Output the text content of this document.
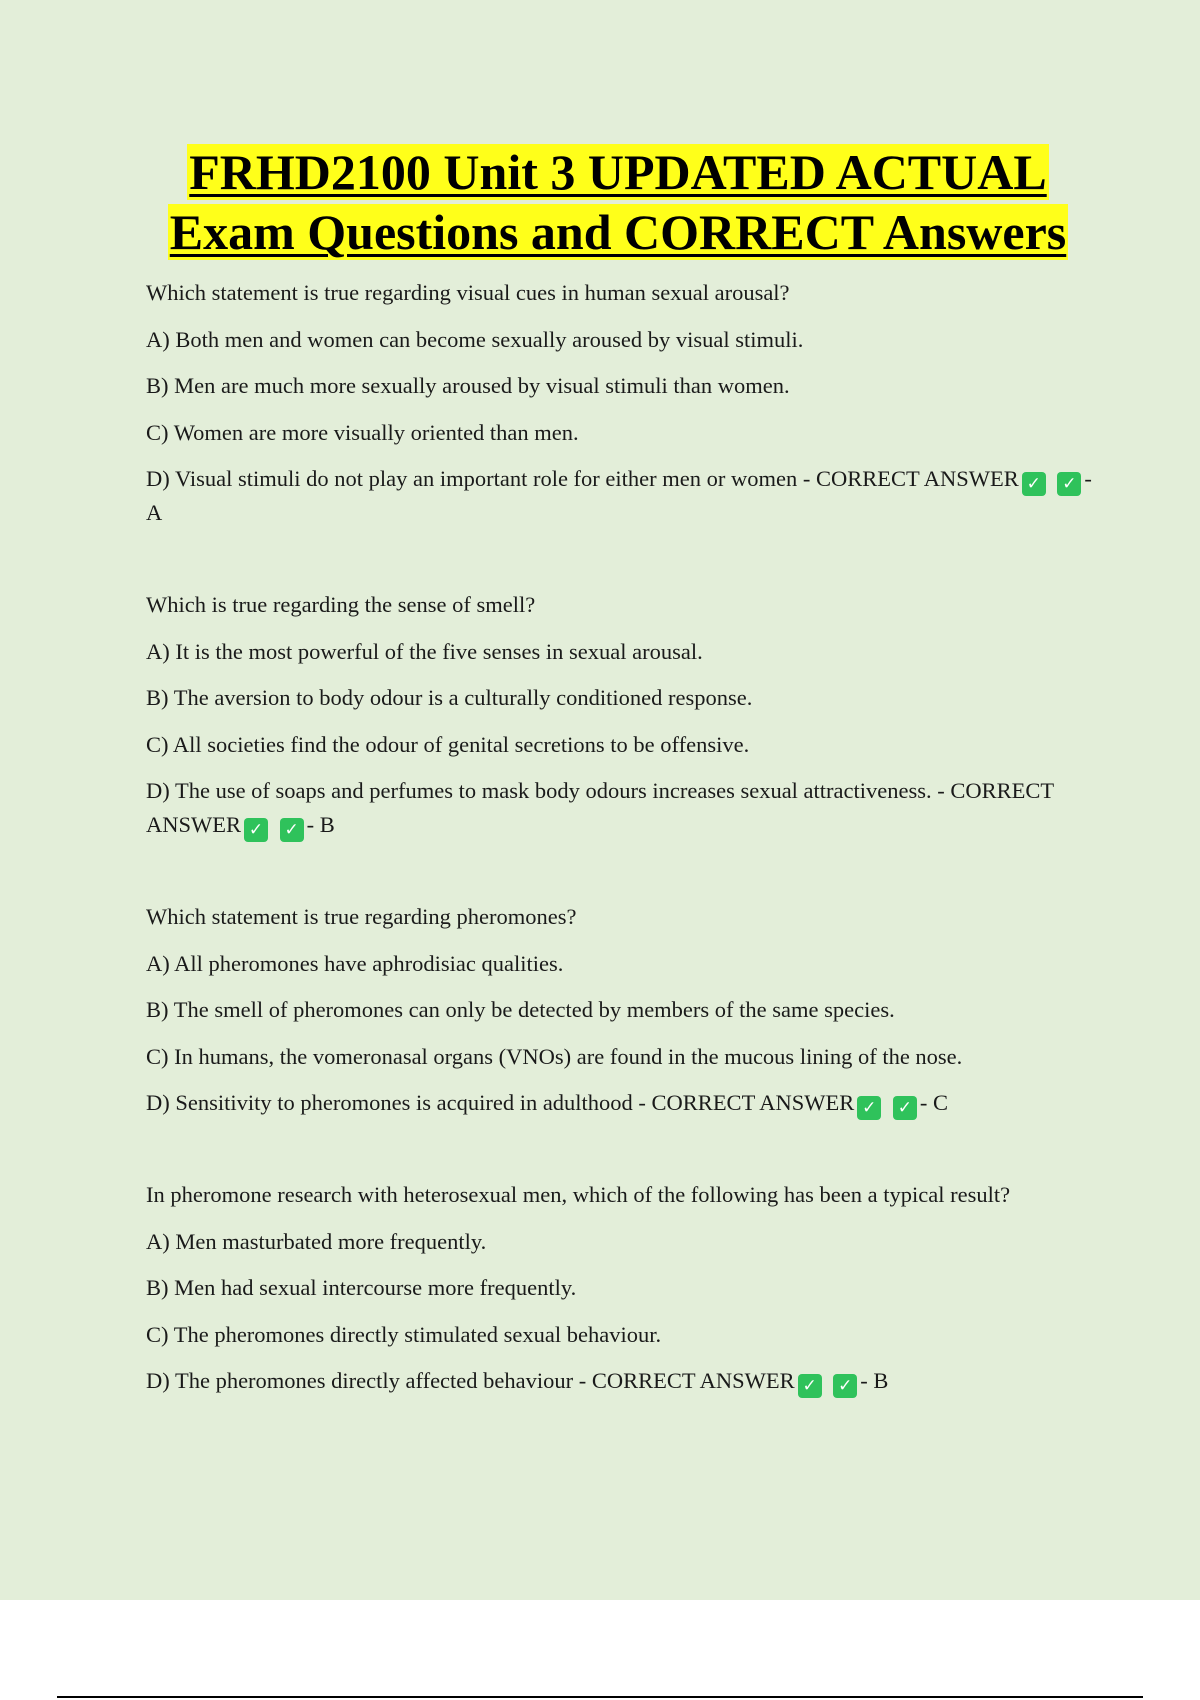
FRHD2100 Unit 3 UPDATED ACTUAL
Exam Questions and CORRECT Answers
Which statement is true regarding visual cues in human sexual arousal?
A) Both men and women can become sexually aroused by visual stimuli.
B) Men are much more sexually aroused by visual stimuli than women.
C) Women are more visually oriented than men.
D) Visual stimuli do not play an important role for either men or women - CORRECT ANSWER ✓ ✓ - A
Which is true regarding the sense of smell?
A) It is the most powerful of the five senses in sexual arousal.
B) The aversion to body odour is a culturally conditioned response.
C) All societies find the odour of genital secretions to be offensive.
D) The use of soaps and perfumes to mask body odours increases sexual attractiveness. - CORRECT ANSWER ✓ ✓ - B
Which statement is true regarding pheromones?
A) All pheromones have aphrodisiac qualities.
B) The smell of pheromones can only be detected by members of the same species.
C) In humans, the vomeronasal organs (VNOs) are found in the mucous lining of the nose.
D) Sensitivity to pheromones is acquired in adulthood - CORRECT ANSWER ✓ ✓ - C
In pheromone research with heterosexual men, which of the following has been a typical result?
A) Men masturbated more frequently.
B) Men had sexual intercourse more frequently.
C) The pheromones directly stimulated sexual behaviour.
D) The pheromones directly affected behaviour - CORRECT ANSWER ✓ ✓ - B
